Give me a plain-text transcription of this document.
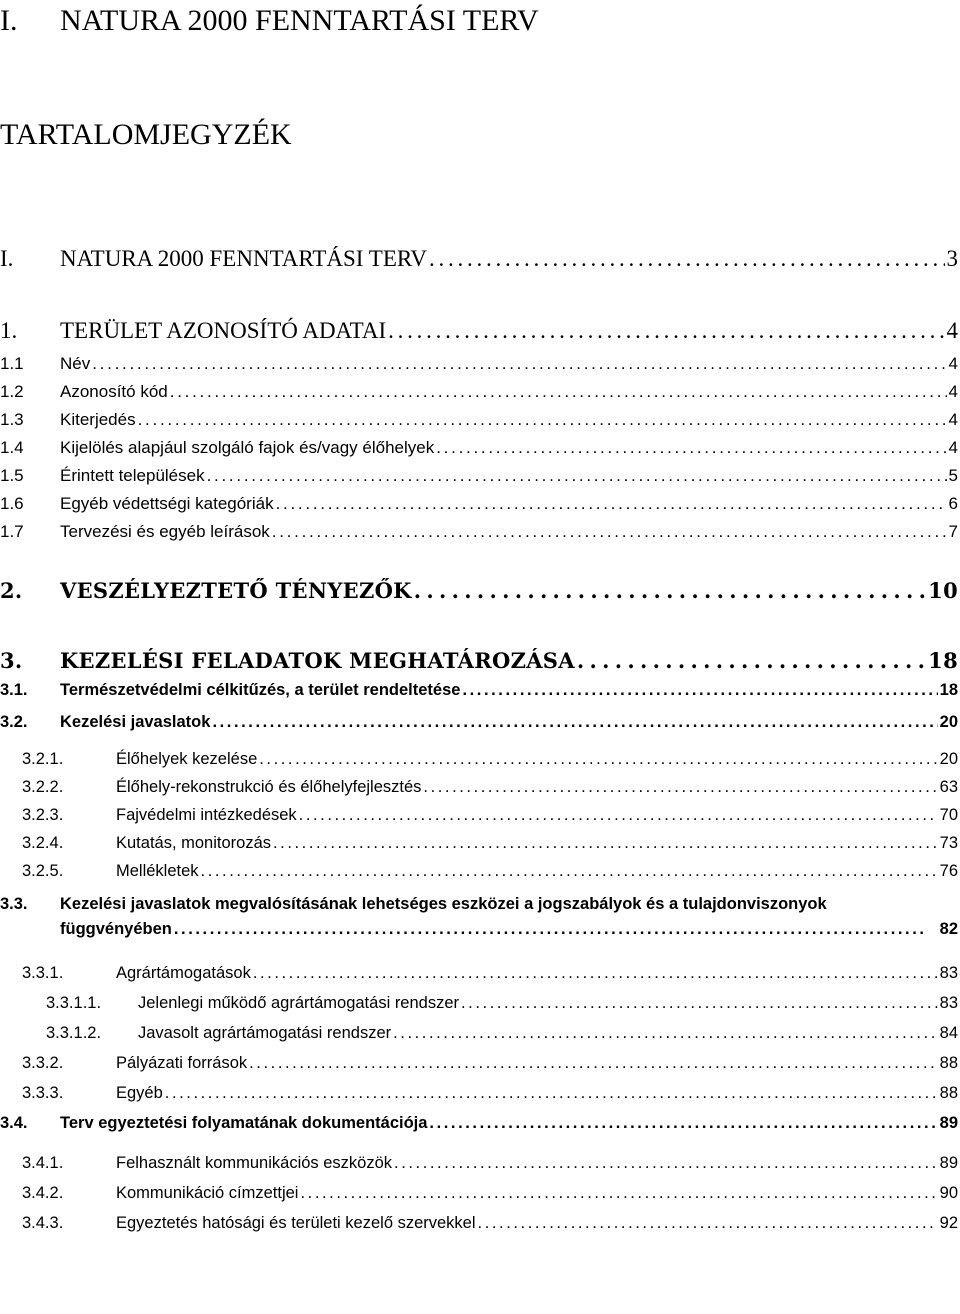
I. NATURA 2000 FENNTARTÁSI TERV
TARTALOMJEGYZÉK
I.	NATURA 2000 FENNTARTÁSI TERV . . .	3
1.	TERÜLET AZONOSÍTÓ ADATAI . . .	4
1.1	Név . . .	4
1.2	Azonosító kód . . .	4
1.3	Kiterjedés . . .	4
1.4	Kijelölés alapjául szolgáló fajok és/vagy élőhelyek . . .	4
1.5	Érintett települések . . .	5
1.6	Egyéb védettségi kategóriák . . .	6
1.7	Tervezési és egyéb leírások . . .	7
2.	VESZÉLYEZTETŐ TÉNYEZŐK . . .	10
3.	KEZELÉSI FELADATOK MEGHATÁROZÁSA . . .	18
3.1.	Természetvédelmi célkitűzés, a terület rendeltetése . . .	18
3.2.	Kezelési javaslatok . . .	20
3.2.1.	Élőhelyek kezelése . . .	20
3.2.2.	Élőhely-rekonstrukció és élőhelyfejlesztés . . .	63
3.2.3.	Fajvédelmi intézkedések . . .	70
3.2.4.	Kutatás, monitorozás . . .	73
3.2.5.	Mellékletek . . .	76
3.3.	Kezelési javaslatok megvalósításának lehetséges eszközei a jogszabályok és a tulajdonviszonyok
függvényében . . .	82
3.3.1.	Agrártámogatások . . .	83
3.3.1.1.	Jelenlegi működő agrártámogatási rendszer . . .	83
3.3.1.2.	Javasolt agrártámogatási rendszer . . .	84
3.3.2.	Pályázati források . . .	88
3.3.3.	Egyéb . . .	88
3.4.	Terv egyeztetési folyamatának dokumentációja . . .	89
3.4.1.	Felhasznált kommunikációs eszközök . . .	89
3.4.2.	Kommunikáció címzettjei . . .	90
3.4.3.	Egyeztetés hatósági és területi kezelő szervekkel . . .	92
